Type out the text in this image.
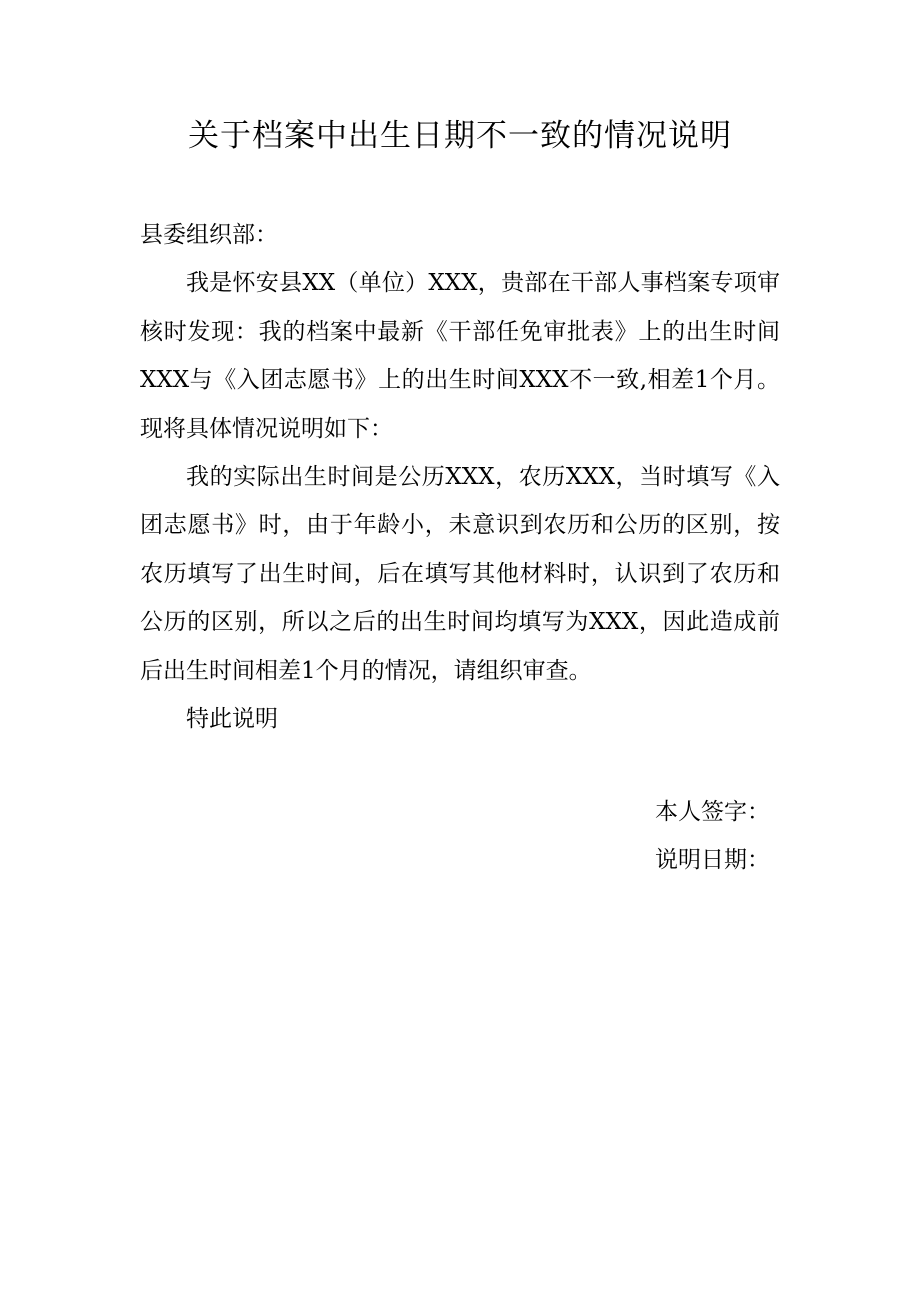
关于档案中出生日期不一致的情况说明

县委组织部：

我是怀安县XX（单位）XXX，贵部在干部人事档案专项审核时发现：我的档案中最新《干部任免审批表》上的出生时间XXX与《入团志愿书》上的出生时间XXX不一致,相差1个月。现将具体情况说明如下：

我的实际出生时间是公历XXX，农历XXX，当时填写《入团志愿书》时，由于年龄小，未意识到农历和公历的区别，按农历填写了出生时间，后在填写其他材料时，认识到了农历和公历的区别，所以之后的出生时间均填写为XXX，因此造成前后出生时间相差1个月的情况，请组织审查。

特此说明

本人签字：
说明日期：
